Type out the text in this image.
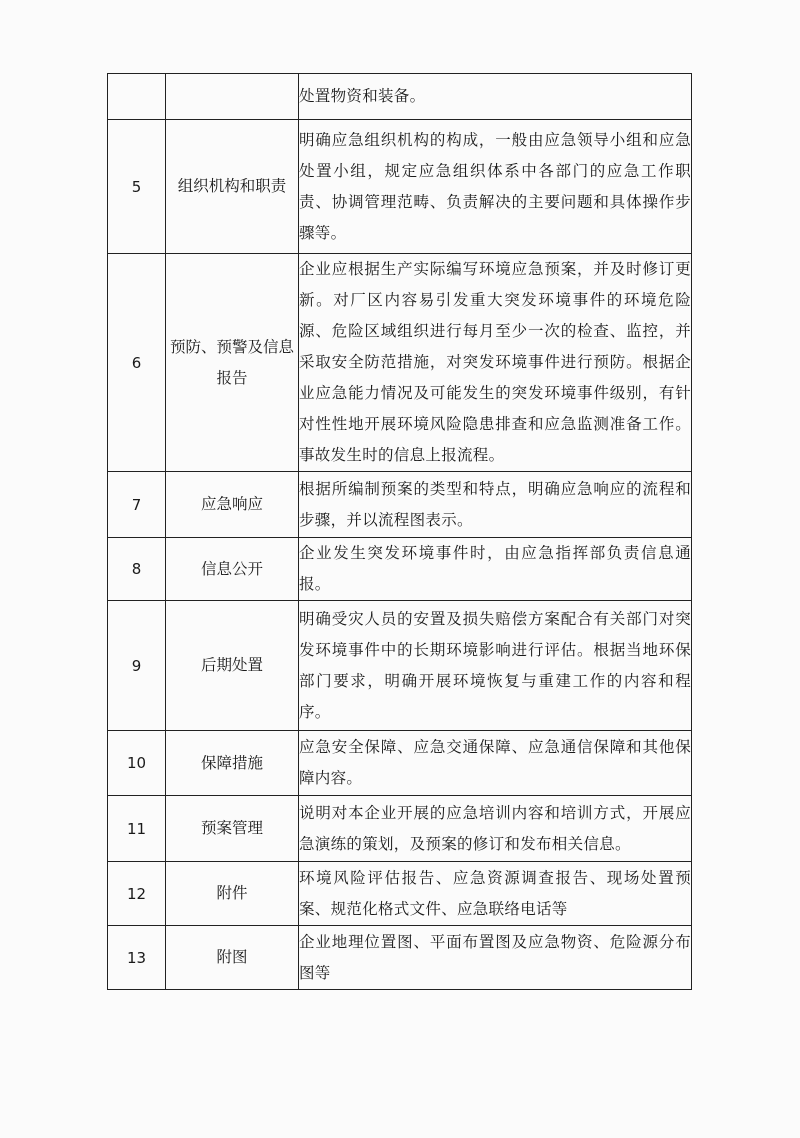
		处置物资和装备。
5	组织机构和职责	明确应急组织机构的构成，一般由应急领导小组和应急处置小组，规定应急组织体系中各部门的应急工作职责、协调管理范畴、负责解决的主要问题和具体操作步骤等。
6	预防、预警及信息报告	企业应根据生产实际编写环境应急预案，并及时修订更新。对厂区内容易引发重大突发环境事件的环境危险源、危险区域组织进行每月至少一次的检查、监控，并采取安全防范措施，对突发环境事件进行预防。根据企业应急能力情况及可能发生的突发环境事件级别，有针对性性地开展环境风险隐患排查和应急监测准备工作。事故发生时的信息上报流程。
7	应急响应	根据所编制预案的类型和特点，明确应急响应的流程和步骤，并以流程图表示。
8	信息公开	企业发生突发环境事件时，由应急指挥部负责信息通报。
9	后期处置	明确受灾人员的安置及损失赔偿方案配合有关部门对突发环境事件中的长期环境影响进行评估。根据当地环保部门要求，明确开展环境恢复与重建工作的内容和程序。
10	保障措施	应急安全保障、应急交通保障、应急通信保障和其他保障内容。
11	预案管理	说明对本企业开展的应急培训内容和培训方式，开展应急演练的策划，及预案的修订和发布相关信息。
12	附件	环境风险评估报告、应急资源调查报告、现场处置预案、规范化格式文件、应急联络电话等
13	附图	企业地理位置图、平面布置图及应急物资、危险源分布图等
